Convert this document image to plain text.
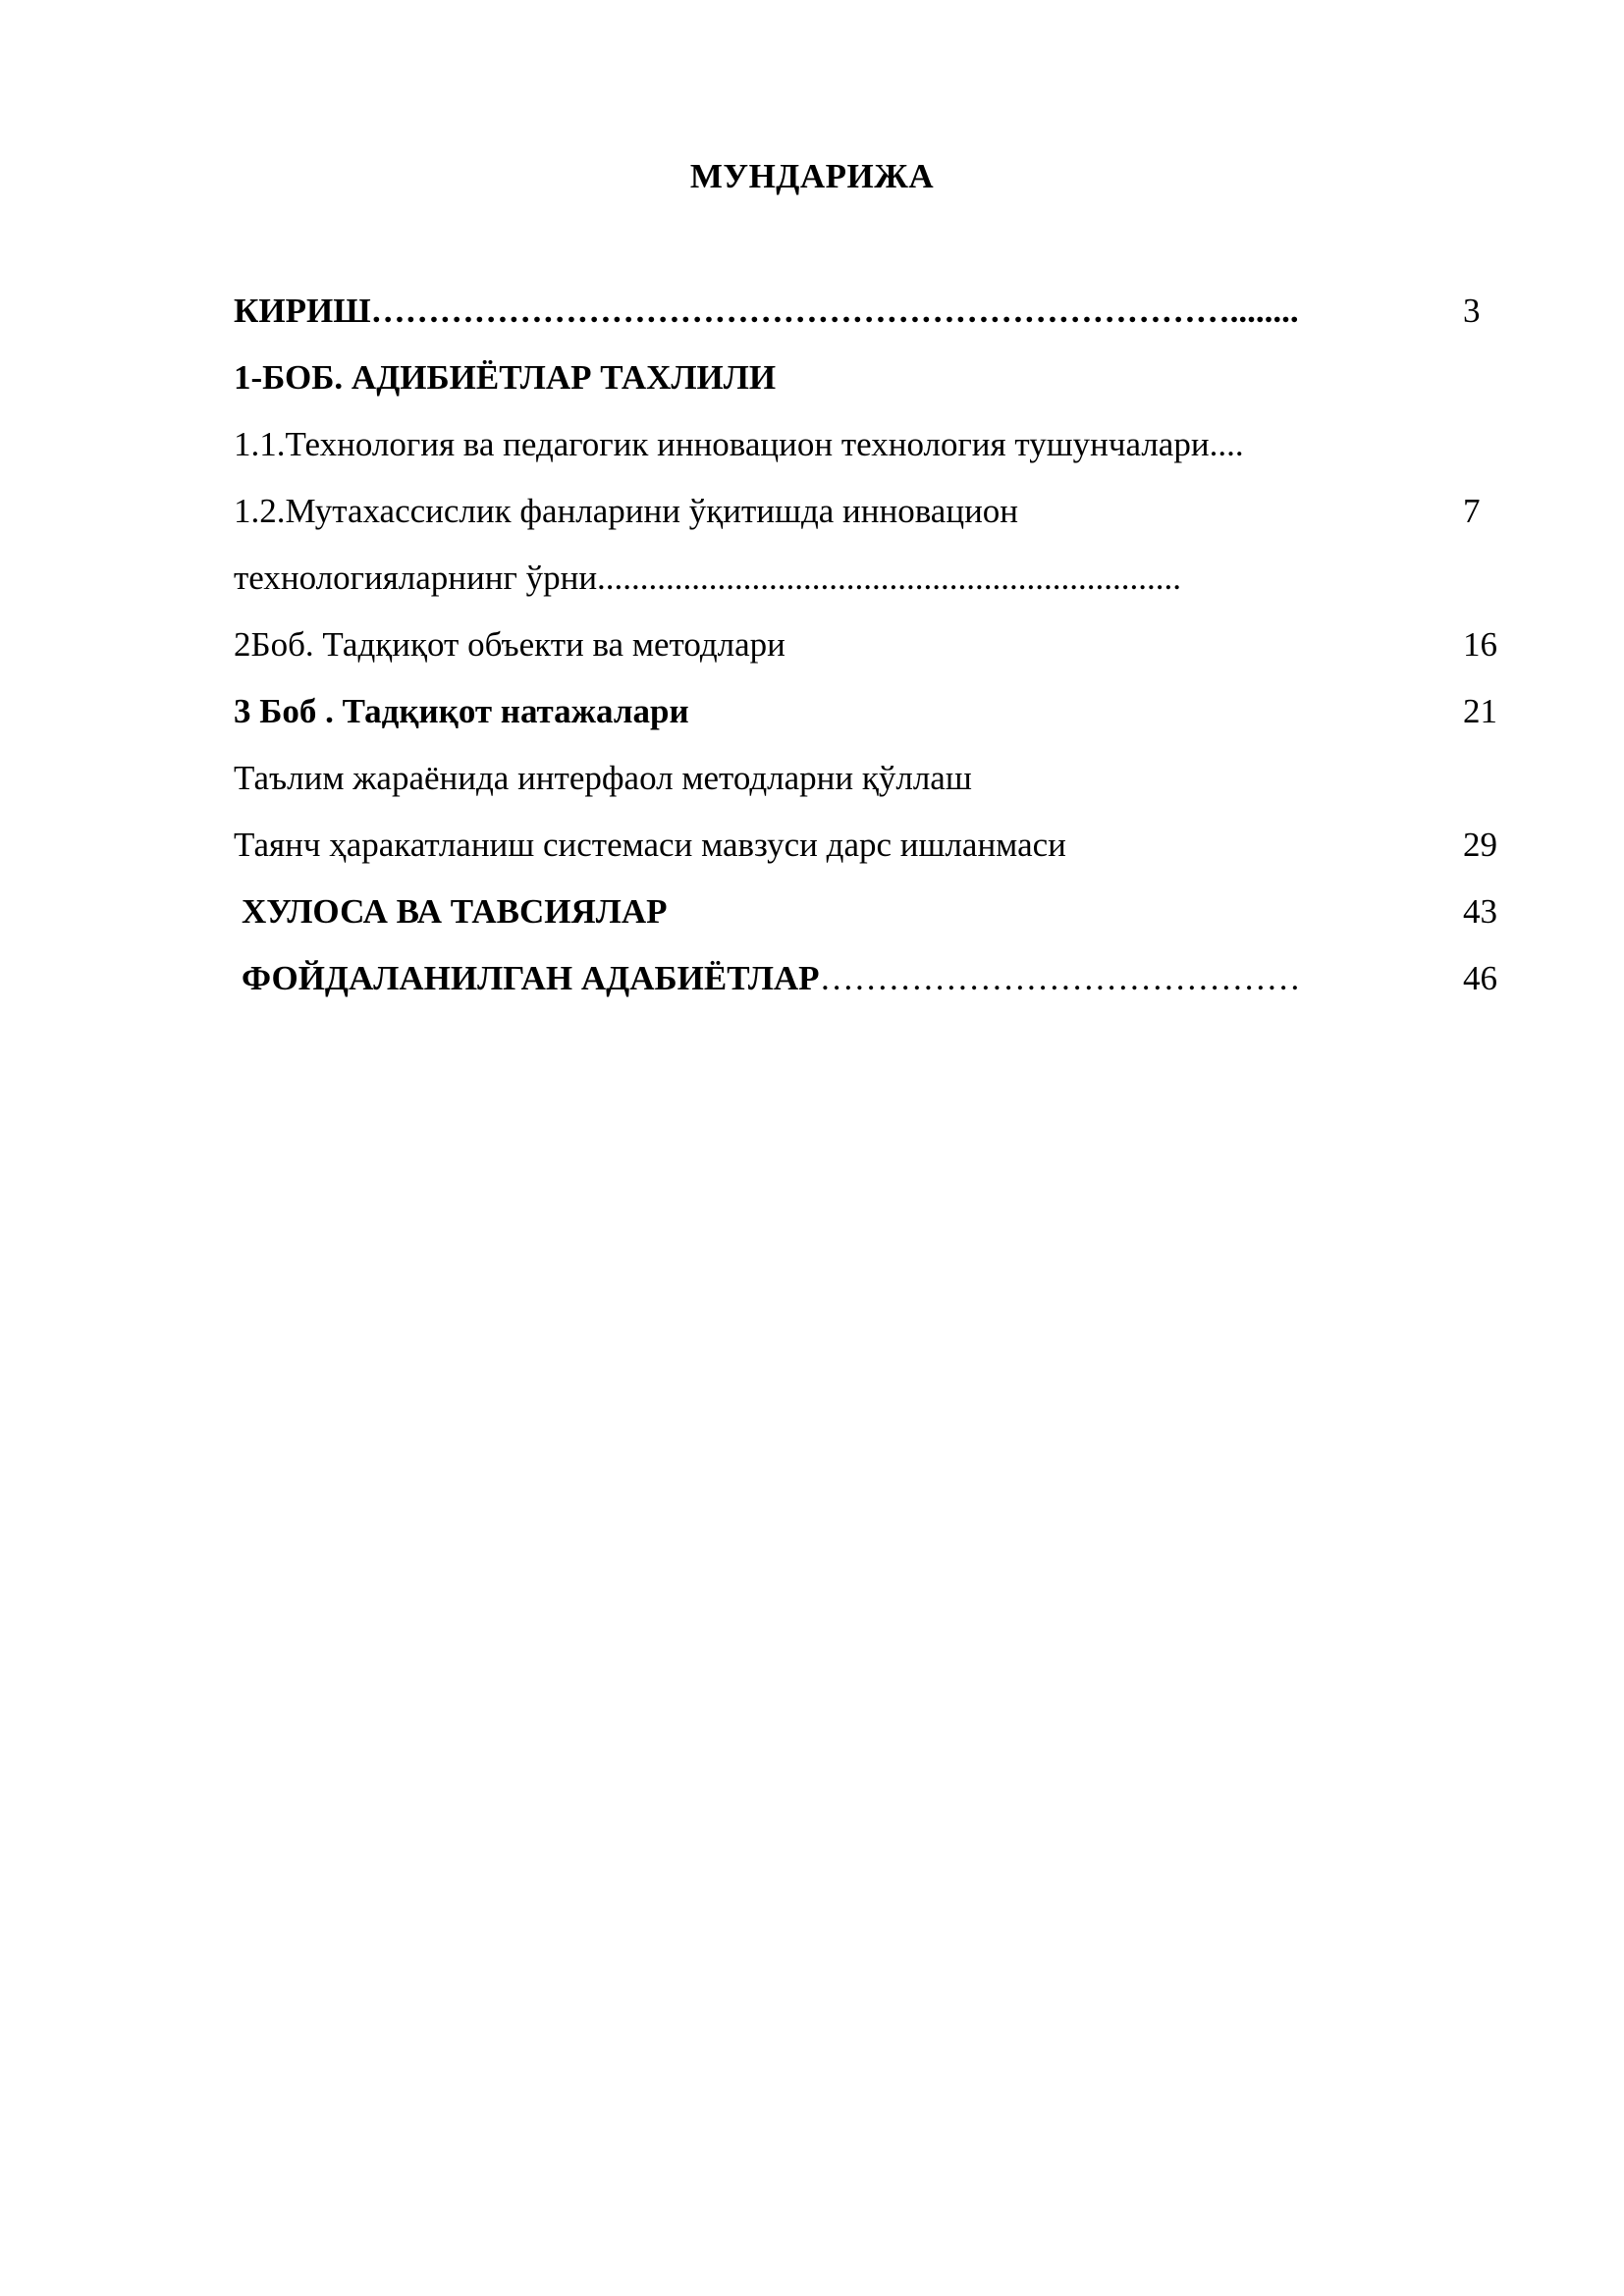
МУНДАРИЖА
КИРИШ…………………………………………………………………........	3
1-БОБ. АДИБИЁТЛАР ТАХЛИЛИ
1.1.Технология ва педагогик инновацион технология тушунчалари....
1.2.Мутахассислик фанларини ўқитишда инновацион	7
технологияларнинг ўрни....................................................................
2Боб. Тадқиқот объекти ва методлари	16
3 Боб . Тадқиқот натажалари	21
Таълим жараёнида интерфаол методларни қўллаш
Таянч ҳаракатланиш системаси мавзуси дарс ишланмаси	29
ХУЛОСА ВА ТАВСИЯЛАР	43
ФОЙДАЛАНИЛГАН АДАБИЁТЛАР……………………………………	46
